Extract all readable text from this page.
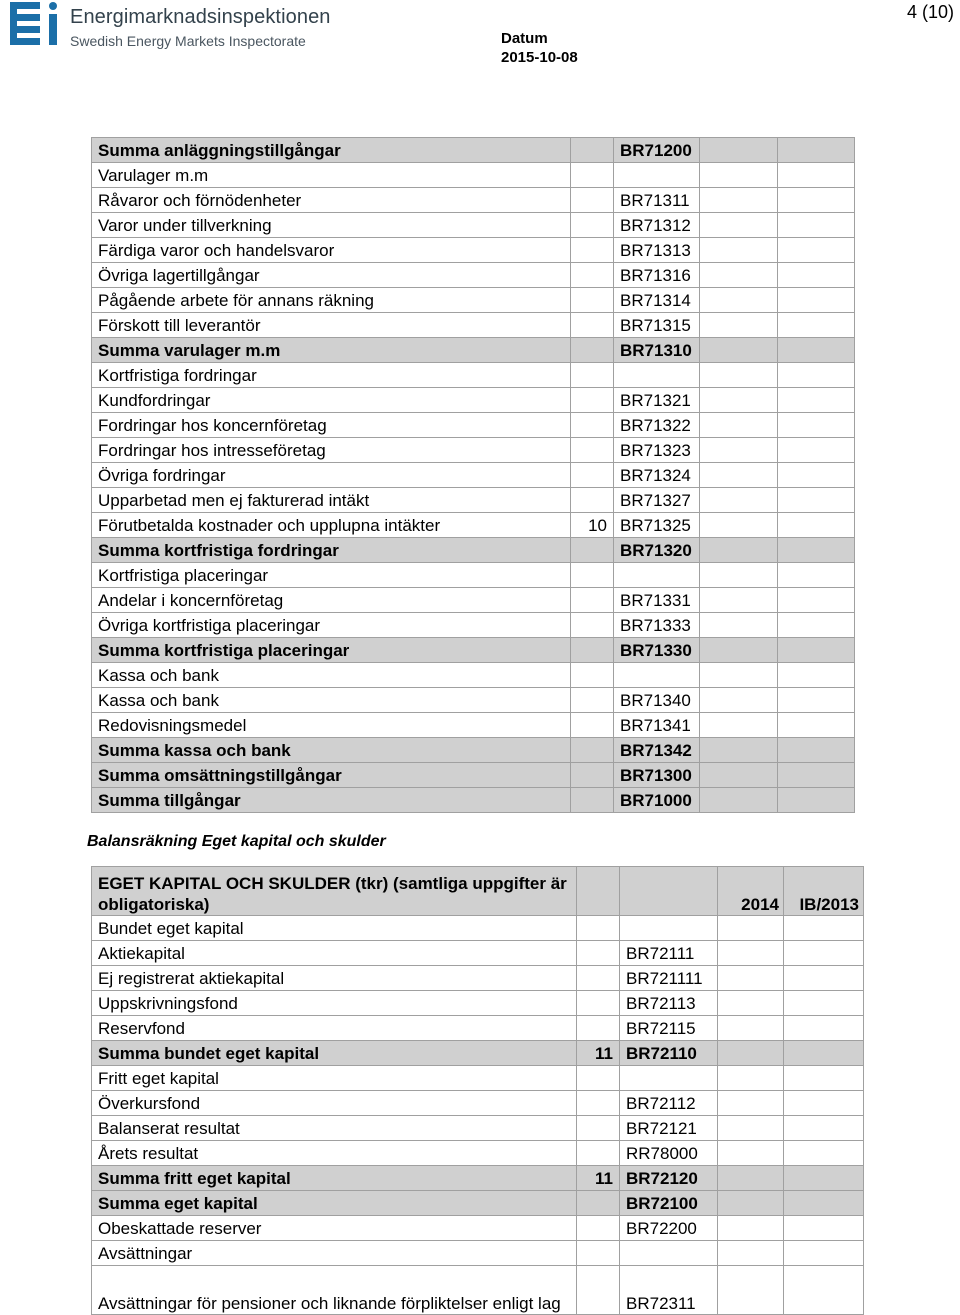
Energimarknadsinspektionen
Swedish Energy Markets Inspectorate	Datum
2015-10-08
4 (10)
Summa anläggningstillgångar		BR71200		
Varulager m.m				
Råvaror och förnödenheter		BR71311		
Varor under tillverkning		BR71312		
Färdiga varor och handelsvaror		BR71313		
Övriga lagertillgångar		BR71316		
Pågående arbete för annans räkning		BR71314		
Förskott till leverantör		BR71315		
Summa varulager m.m		BR71310		
Kortfristiga fordringar				
Kundfordringar		BR71321		
Fordringar hos koncernföretag		BR71322		
Fordringar hos intresseföretag		BR71323		
Övriga fordringar		BR71324		
Upparbetad men ej fakturerad intäkt		BR71327		
Förutbetalda kostnader och upplupna intäkter	10	BR71325		
Summa kortfristiga fordringar		BR71320		
Kortfristiga placeringar				
Andelar i koncernföretag		BR71331		
Övriga kortfristiga placeringar		BR71333		
Summa kortfristiga placeringar		BR71330		
Kassa och bank				
Kassa och bank		BR71340		
Redovisningsmedel		BR71341		
Summa kassa och bank		BR71342		
Summa omsättningstillgångar		BR71300		
Summa tillgångar		BR71000		
Balansräkning Eget kapital och skulder
EGET KAPITAL OCH SKULDER (tkr) (samtliga uppgifter är obligatoriska)			2014	IB/2013
Bundet eget kapital				
Aktiekapital		BR72111		
Ej registrerat aktiekapital		BR721111		
Uppskrivningsfond		BR72113		
Reservfond		BR72115		
Summa bundet eget kapital	11	BR72110		
Fritt eget kapital				
Överkursfond		BR72112		
Balanserat resultat		BR72121		
Årets resultat		RR78000		
Summa fritt eget kapital	11	BR72120		
Summa eget kapital		BR72100		
Obeskattade reserver		BR72200		
Avsättningar				
Avsättningar för pensioner och liknande förpliktelser enligt lag		BR72311		
